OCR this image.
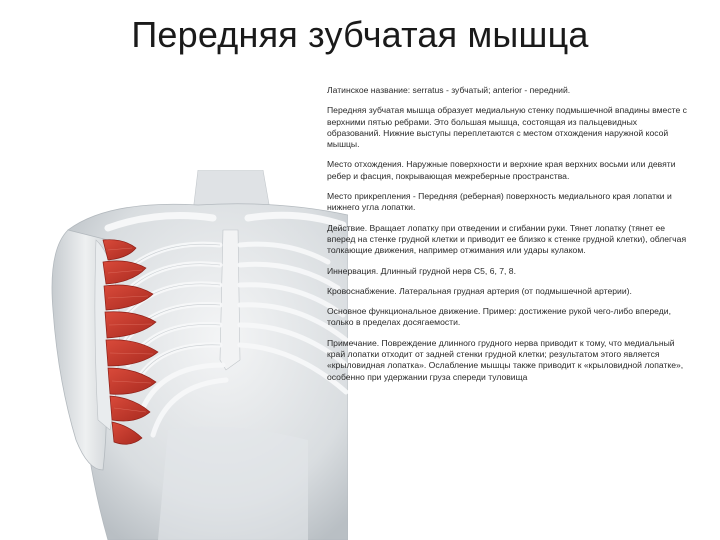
Передняя зубчатая мышца

Латинское название: serratus - зубчатый; anterior - передний.

Передняя зубчатая мышца образует медиальную стенку подмышечной впадины вместе с верхними пятью ребрами. Это большая мышца, состоящая из пальцевидных образований. Нижние выступы переплетаются с местом отхождения наружной косой мышцы.

Место отхождения. Наружные поверхности и верхние края верхних восьми или девяти ребер и фасция, покрывающая межреберные пространства.

Место прикрепления - Передняя (реберная) поверхность медиального края лопатки и нижнего угла лопатки.

Действие. Вращает лопатку при отведении и сгибании руки. Тянет лопатку (тянет ее вперед на стенке грудной клетки и приводит ее близко к стенке грудной клетки), облегчая толкающие движения, например отжимания или удары кулаком.

Иннервация. Длинный грудной нерв С5, 6, 7, 8.

Кровоснабжение. Латеральная грудная артерия (от подмышечной артерии).

Основное функциональное движение. Пример: достижение рукой чего-либо впереди, только в пределах досягаемости.

Примечание. Повреждение длинного грудного нерва приводит к тому, что медиальный край лопатки отходит от задней стенки грудной клетки; результатом этого является «крыловидная лопатка». Ослабление мышцы также приводит к «крыловидной лопатке», особенно при удержании груза спереди туловища
